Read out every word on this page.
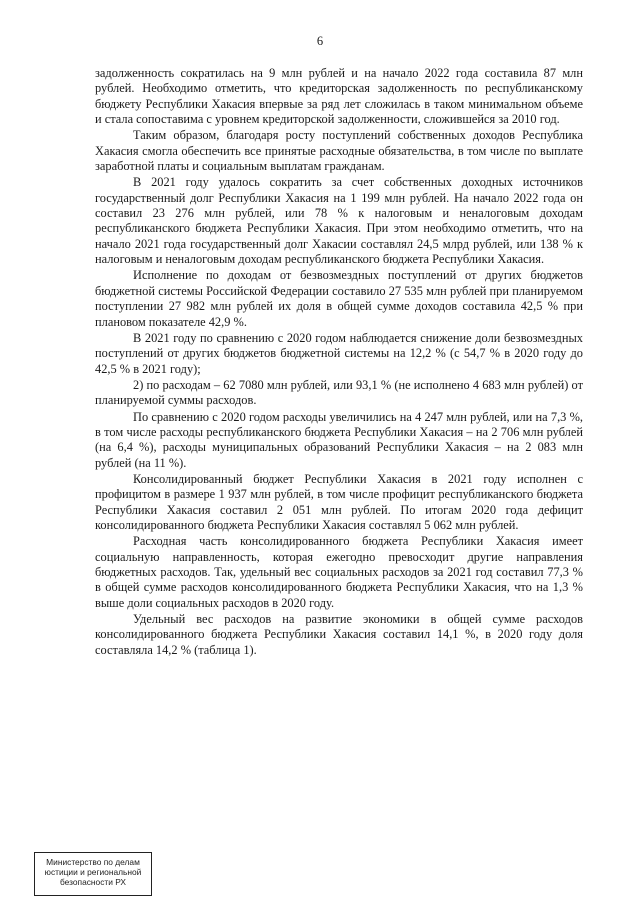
6

задолженность сократилась на 9 млн рублей и на начало 2022 года составила 87 млн рублей. Необходимо отметить, что кредиторская задолженность по республиканскому бюджету Республики Хакасия впервые за ряд лет сложилась в таком минимальном объеме и стала сопоставима с уровнем кредиторской задолженности, сложившейся за 2010 год.

Таким образом, благодаря росту поступлений собственных доходов Республика Хакасия смогла обеспечить все принятые расходные обязательства, в том числе по выплате заработной платы и социальным выплатам гражданам.

В 2021 году удалось сократить за счет собственных доходных источников государственный долг Республики Хакасия на 1 199 млн рублей. На начало 2022 года он составил 23 276 млн рублей, или 78 % к налоговым и неналоговым доходам республиканского бюджета Республики Хакасия. При этом необходимо отметить, что на начало 2021 года государственный долг Хакасии составлял 24,5 млрд рублей, или 138 % к налоговым и неналоговым доходам республиканского бюджета Республики Хакасия.

Исполнение по доходам от безвозмездных поступлений от других бюджетов бюджетной системы Российской Федерации составило 27 535 млн рублей при планируемом поступлении 27 982 млн рублей их доля в общей сумме доходов составила 42,5 % при плановом показателе 42,9 %.

В 2021 году по сравнению с 2020 годом наблюдается снижение доли безвозмездных поступлений от других бюджетов бюджетной системы на 12,2 % (с 54,7 % в 2020 году до 42,5 % в 2021 году);

2) по расходам – 62 7080 млн рублей, или 93,1 % (не исполнено 4 683 млн рублей) от планируемой суммы расходов.

По сравнению с 2020 годом расходы увеличились на 4 247 млн рублей, или на 7,3 %, в том числе расходы республиканского бюджета Республики Хакасия – на 2 706 млн рублей (на 6,4 %), расходы муниципальных образований Республики Хакасия – на 2 083 млн рублей (на 11 %).

Консолидированный бюджет Республики Хакасия в 2021 году исполнен с профицитом в размере 1 937 млн рублей, в том числе профицит республиканского бюджета Республики Хакасия составил 2 051 млн рублей. По итогам 2020 года дефицит консолидированного бюджета Республики Хакасия составлял 5 062 млн рублей.

Расходная часть консолидированного бюджета Республики Хакасия имеет социальную направленность, которая ежегодно превосходит другие направления бюджетных расходов. Так, удельный вес социальных расходов за 2021 год составил 77,3 % в общей сумме расходов консолидированного бюджета Республики Хакасия, что на 1,3 % выше доли социальных расходов в 2020 году.

Удельный вес расходов на развитие экономики в общей сумме расходов консолидированного бюджета Республики Хакасия составил 14,1 %, в 2020 году доля составляла 14,2 % (таблица 1).

Министерство по делам
юстиции и региональной
безопасности РХ
